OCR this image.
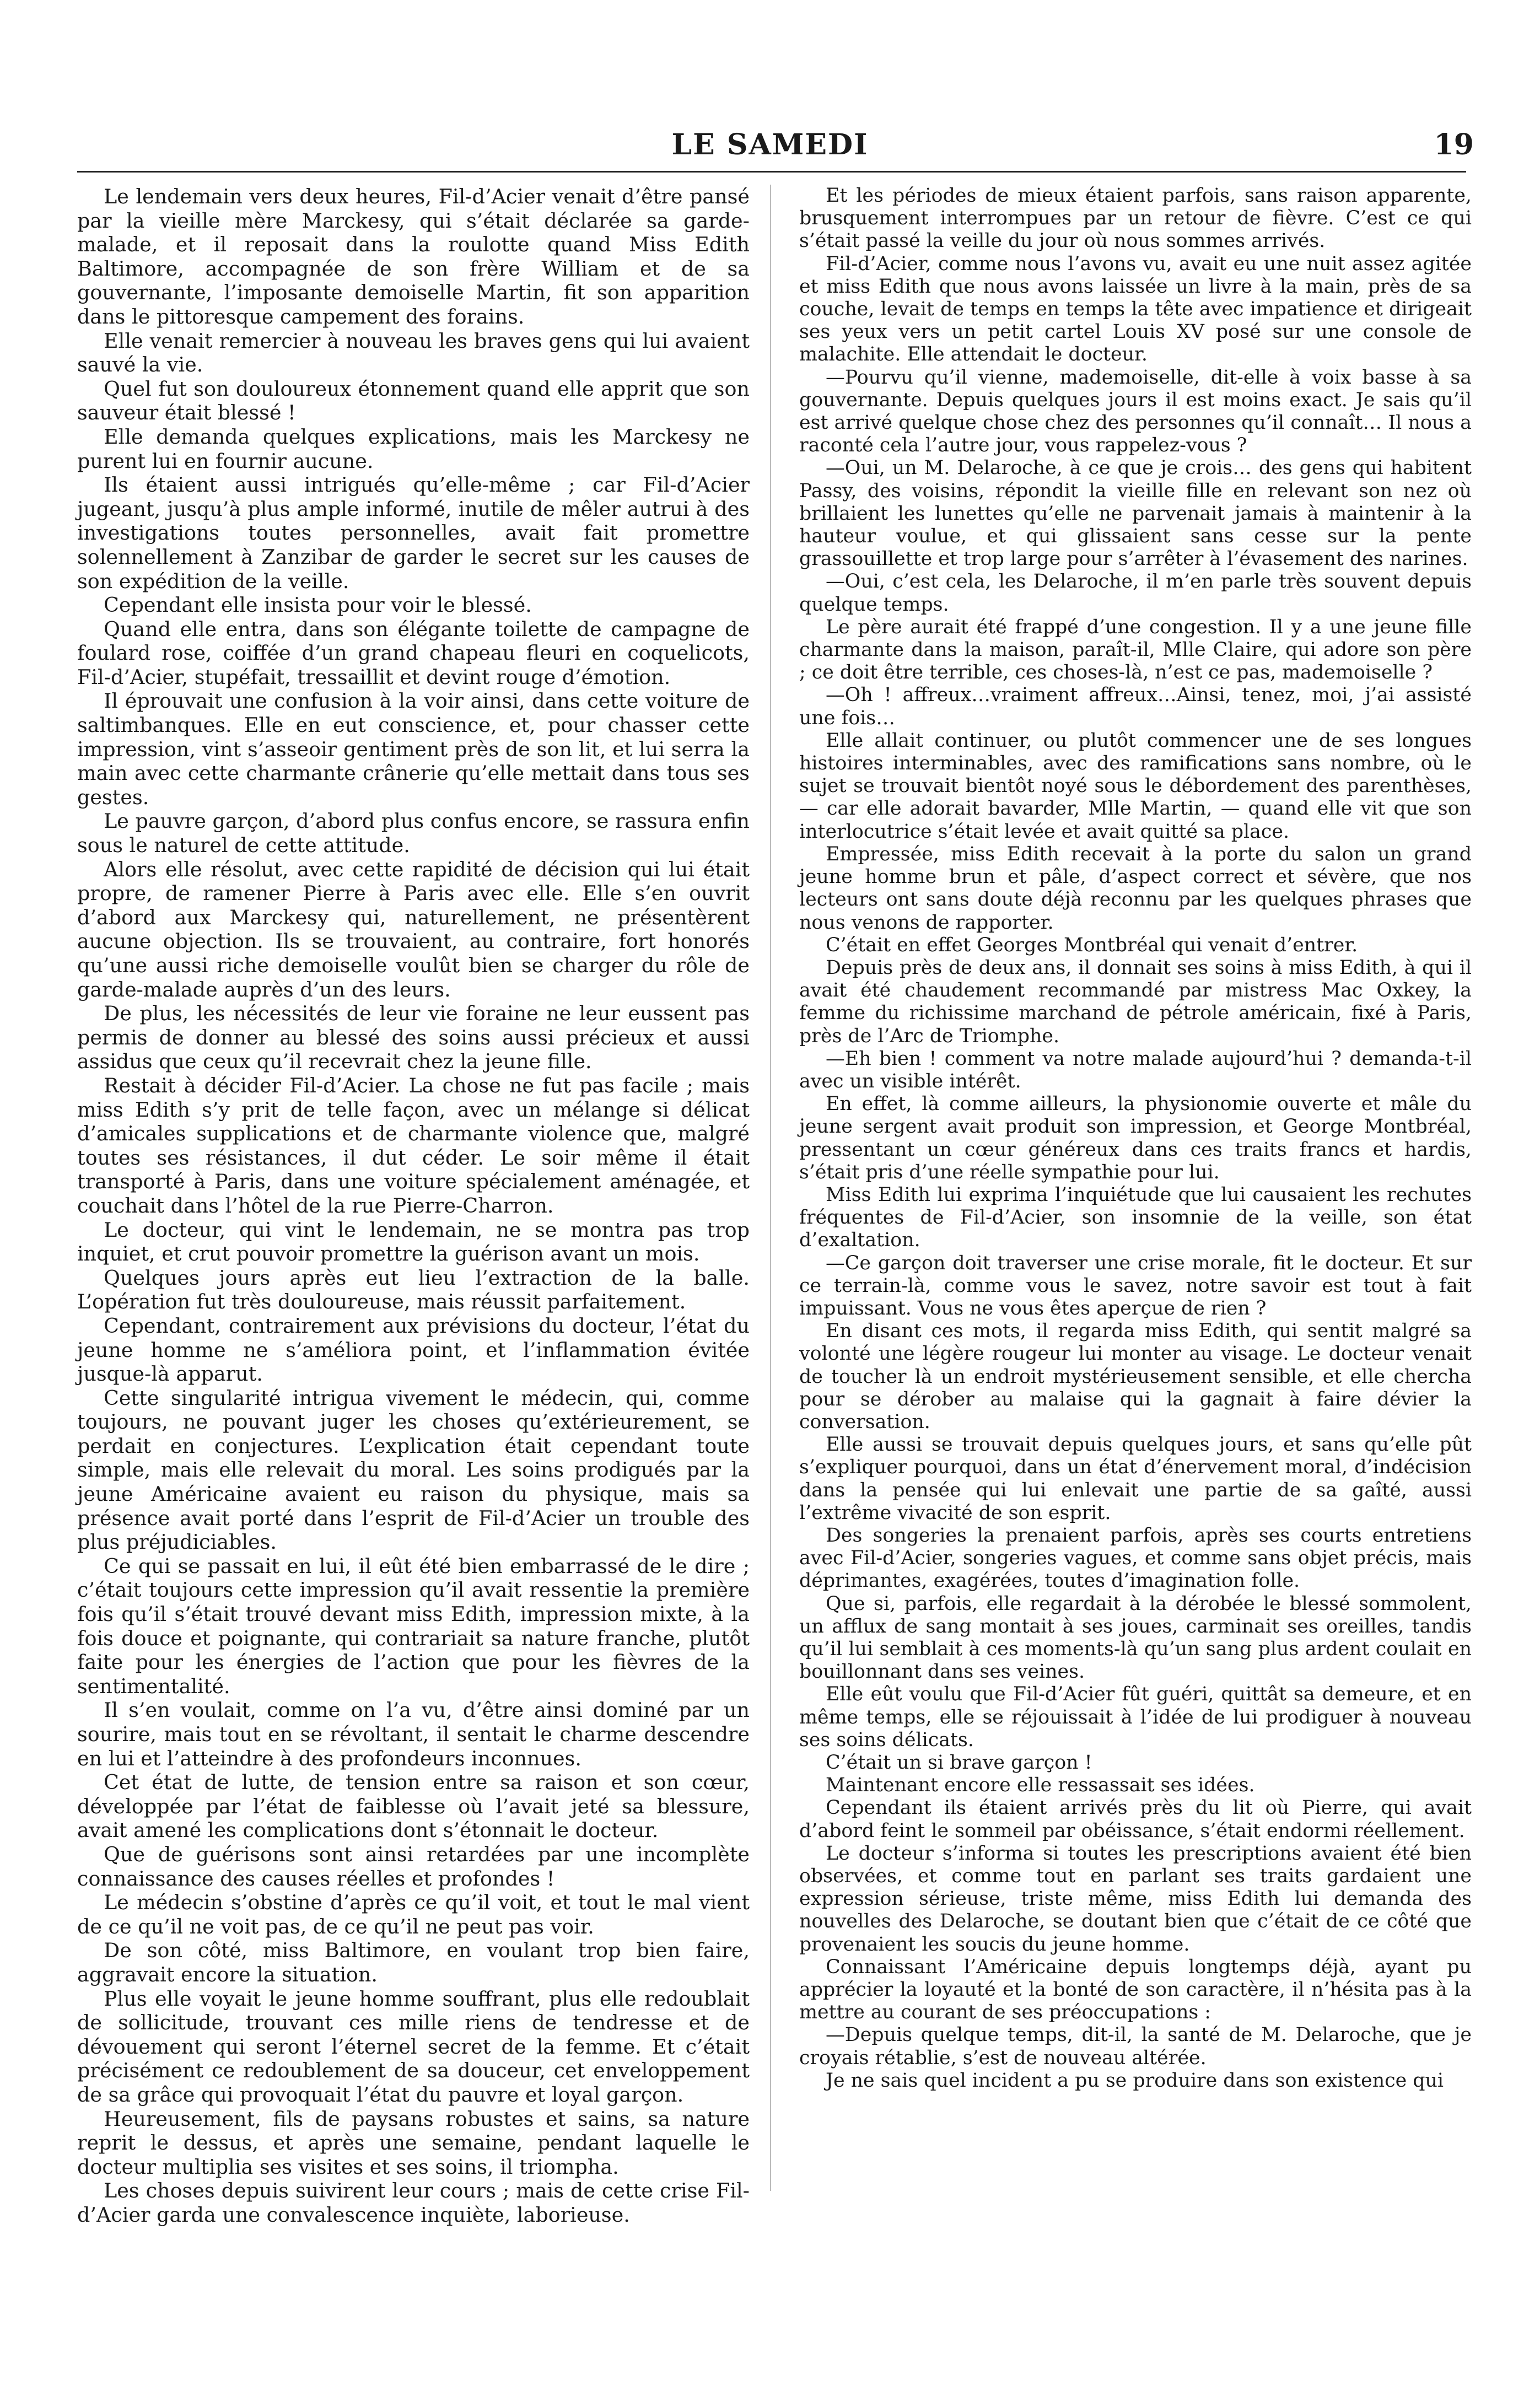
LE SAMEDI	19

Le lendemain vers deux heures, Fil-d’Acier venait d’être pansé par la vieille mère Marckesy, qui s’était déclarée sa garde-malade, et il reposait dans la roulotte quand Miss Edith Baltimore, accompagnée de son frère William et de sa gouvernante, l’imposante demoiselle Martin, fit son apparition dans le pittoresque campement des forains.

Elle venait remercier à nouveau les braves gens qui lui avaient sauvé la vie.

Quel fut son douloureux étonnement quand elle apprit que son sauveur était blessé !

Elle demanda quelques explications, mais les Marckesy ne purent lui en fournir aucune.

Ils étaient aussi intrigués qu’elle-même ; car Fil-d’Acier jugeant, jusqu’à plus ample informé, inutile de mêler autrui à des investigations toutes personnelles, avait fait promettre solennellement à Zanzibar de garder le secret sur les causes de son expédition de la veille.

Cependant elle insista pour voir le blessé.

Quand elle entra, dans son élégante toilette de campagne de foulard rose, coiffée d’un grand chapeau fleuri en coquelicots, Fil-d’Acier, stupéfait, tressaillit et devint rouge d’émotion.

Il éprouvait une confusion à la voir ainsi, dans cette voiture de saltimbanques. Elle en eut conscience, et, pour chasser cette impression, vint s’asseoir gentiment près de son lit, et lui serra la main avec cette charmante crânerie qu’elle mettait dans tous ses gestes.

Le pauvre garçon, d’abord plus confus encore, se rassura enfin sous le naturel de cette attitude.

Alors elle résolut, avec cette rapidité de décision qui lui était propre, de ramener Pierre à Paris avec elle. Elle s’en ouvrit d’abord aux Marckesy qui, naturellement, ne présentèrent aucune objection. Ils se trouvaient, au contraire, fort honorés qu’une aussi riche demoiselle voulût bien se charger du rôle de garde-malade auprès d’un des leurs.

De plus, les nécessités de leur vie foraine ne leur eussent pas permis de donner au blessé des soins aussi précieux et aussi assidus que ceux qu’il recevrait chez la jeune fille.

Restait à décider Fil-d’Acier. La chose ne fut pas facile ; mais miss Edith s’y prit de telle façon, avec un mélange si délicat d’amicales supplications et de charmante violence que, malgré toutes ses résistances, il dut céder. Le soir même il était transporté à Paris, dans une voiture spécialement aménagée, et couchait dans l’hôtel de la rue Pierre-Charron.

Le docteur, qui vint le lendemain, ne se montra pas trop inquiet, et crut pouvoir promettre la guérison avant un mois.

Quelques jours après eut lieu l’extraction de la balle. L’opération fut très douloureuse, mais réussit parfaitement.

Cependant, contrairement aux prévisions du docteur, l’état du jeune homme ne s’améliora point, et l’inflammation évitée jusque-là apparut.

Cette singularité intrigua vivement le médecin, qui, comme toujours, ne pouvant juger les choses qu’extérieurement, se perdait en conjectures. L’explication était cependant toute simple, mais elle relevait du moral. Les soins prodigués par la jeune Américaine avaient eu raison du physique, mais sa présence avait porté dans l’esprit de Fil-d’Acier un trouble des plus préjudiciables.

Ce qui se passait en lui, il eût été bien embarrassé de le dire ; c’était toujours cette impression qu’il avait ressentie la première fois qu’il s’était trouvé devant miss Edith, impression mixte, à la fois douce et poignante, qui contrariait sa nature franche, plutôt faite pour les énergies de l’action que pour les fièvres de la sentimentalité.

Il s’en voulait, comme on l’a vu, d’être ainsi dominé par un sourire, mais tout en se révoltant, il sentait le charme descendre en lui et l’atteindre à des profondeurs inconnues.

Cet état de lutte, de tension entre sa raison et son cœur, développée par l’état de faiblesse où l’avait jeté sa blessure, avait amené les complications dont s’étonnait le docteur.

Que de guérisons sont ainsi retardées par une incomplète connaissance des causes réelles et profondes !

Le médecin s’obstine d’après ce qu’il voit, et tout le mal vient de ce qu’il ne voit pas, de ce qu’il ne peut pas voir.

De son côté, miss Baltimore, en voulant trop bien faire, aggravait encore la situation.

Plus elle voyait le jeune homme souffrant, plus elle redoublait de sollicitude, trouvant ces mille riens de tendresse et de dévouement qui seront l’éternel secret de la femme. Et c’était précisément ce redoublement de sa douceur, cet enveloppement de sa grâce qui provoquait l’état du pauvre et loyal garçon.

Heureusement, fils de paysans robustes et sains, sa nature reprit le dessus, et après une semaine, pendant laquelle le docteur multiplia ses visites et ses soins, il triompha.

Les choses depuis suivirent leur cours ; mais de cette crise Fil-d’Acier garda une convalescence inquiète, laborieuse.

Et les périodes de mieux étaient parfois, sans raison apparente, brusquement interrompues par un retour de fièvre. C’est ce qui s’était passé la veille du jour où nous sommes arrivés.

Fil-d’Acier, comme nous l’avons vu, avait eu une nuit assez agitée et miss Edith que nous avons laissée un livre à la main, près de sa couche, levait de temps en temps la tête avec impatience et dirigeait ses yeux vers un petit cartel Louis XV posé sur une console de malachite. Elle attendait le docteur.

—Pourvu qu’il vienne, mademoiselle, dit-elle à voix basse à sa gouvernante. Depuis quelques jours il est moins exact. Je sais qu’il est arrivé quelque chose chez des personnes qu’il connaît… Il nous a raconté cela l’autre jour, vous rappelez-vous ?

—Oui, un M. Delaroche, à ce que je crois… des gens qui habitent Passy, des voisins, répondit la vieille fille en relevant son nez où brillaient les lunettes qu’elle ne parvenait jamais à maintenir à la hauteur voulue, et qui glissaient sans cesse sur la pente grassouillette et trop large pour s’arrêter à l’évasement des narines.

—Oui, c’est cela, les Delaroche, il m’en parle très souvent depuis quelque temps.

Le père aurait été frappé d’une congestion. Il y a une jeune fille charmante dans la maison, paraît-il, Mlle Claire, qui adore son père ; ce doit être terrible, ces choses-là, n’est ce pas, mademoiselle ?

—Oh ! affreux…vraiment affreux…Ainsi, tenez, moi, j’ai assisté une fois…

Elle allait continuer, ou plutôt commencer une de ses longues histoires interminables, avec des ramifications sans nombre, où le sujet se trouvait bientôt noyé sous le débordement des parenthèses, — car elle adorait bavarder, Mlle Martin, — quand elle vit que son interlocutrice s’était levée et avait quitté sa place.

Empressée, miss Edith recevait à la porte du salon un grand jeune homme brun et pâle, d’aspect correct et sévère, que nos lecteurs ont sans doute déjà reconnu par les quelques phrases que nous venons de rapporter.

C’était en effet Georges Montbréal qui venait d’entrer.

Depuis près de deux ans, il donnait ses soins à miss Edith, à qui il avait été chaudement recommandé par mistress Mac Oxkey, la femme du richissime marchand de pétrole américain, fixé à Paris, près de l’Arc de Triomphe.

—Eh bien ! comment va notre malade aujourd’hui ? demanda-t-il avec un visible intérêt.

En effet, là comme ailleurs, la physionomie ouverte et mâle du jeune sergent avait produit son impression, et George Montbréal, pressentant un cœur généreux dans ces traits francs et hardis, s’était pris d’une réelle sympathie pour lui.

Miss Edith lui exprima l’inquiétude que lui causaient les rechutes fréquentes de Fil-d’Acier, son insomnie de la veille, son état d’exaltation.

—Ce garçon doit traverser une crise morale, fit le docteur. Et sur ce terrain-là, comme vous le savez, notre savoir est tout à fait impuissant. Vous ne vous êtes aperçue de rien ?

En disant ces mots, il regarda miss Edith, qui sentit malgré sa volonté une légère rougeur lui monter au visage. Le docteur venait de toucher là un endroit mystérieusement sensible, et elle chercha pour se dérober au malaise qui la gagnait à faire dévier la conversation.

Elle aussi se trouvait depuis quelques jours, et sans qu’elle pût s’expliquer pourquoi, dans un état d’énervement moral, d’indécision dans la pensée qui lui enlevait une partie de sa gaîté, aussi l’extrême vivacité de son esprit.

Des songeries la prenaient parfois, après ses courts entretiens avec Fil-d’Acier, songeries vagues, et comme sans objet précis, mais déprimantes, exagérées, toutes d’imagination folle.

Que si, parfois, elle regardait à la dérobée le blessé sommolent, un afflux de sang montait à ses joues, carminait ses oreilles, tandis qu’il lui semblait à ces moments-là qu’un sang plus ardent coulait en bouillonnant dans ses veines.

Elle eût voulu que Fil-d’Acier fût guéri, quittât sa demeure, et en même temps, elle se réjouissait à l’idée de lui prodiguer à nouveau ses soins délicats.

C’était un si brave garçon !

Maintenant encore elle ressassait ses idées.

Cependant ils étaient arrivés près du lit où Pierre, qui avait d’abord feint le sommeil par obéissance, s’était endormi réellement.

Le docteur s’informa si toutes les prescriptions avaient été bien observées, et comme tout en parlant ses traits gardaient une expression sérieuse, triste même, miss Edith lui demanda des nouvelles des Delaroche, se doutant bien que c’était de ce côté que provenaient les soucis du jeune homme.

Connaissant l’Américaine depuis longtemps déjà, ayant pu apprécier la loyauté et la bonté de son caractère, il n’hésita pas à la mettre au courant de ses préoccupations :

—Depuis quelque temps, dit-il, la santé de M. Delaroche, que je croyais rétablie, s’est de nouveau altérée.

Je ne sais quel incident a pu se produire dans son existence qui
